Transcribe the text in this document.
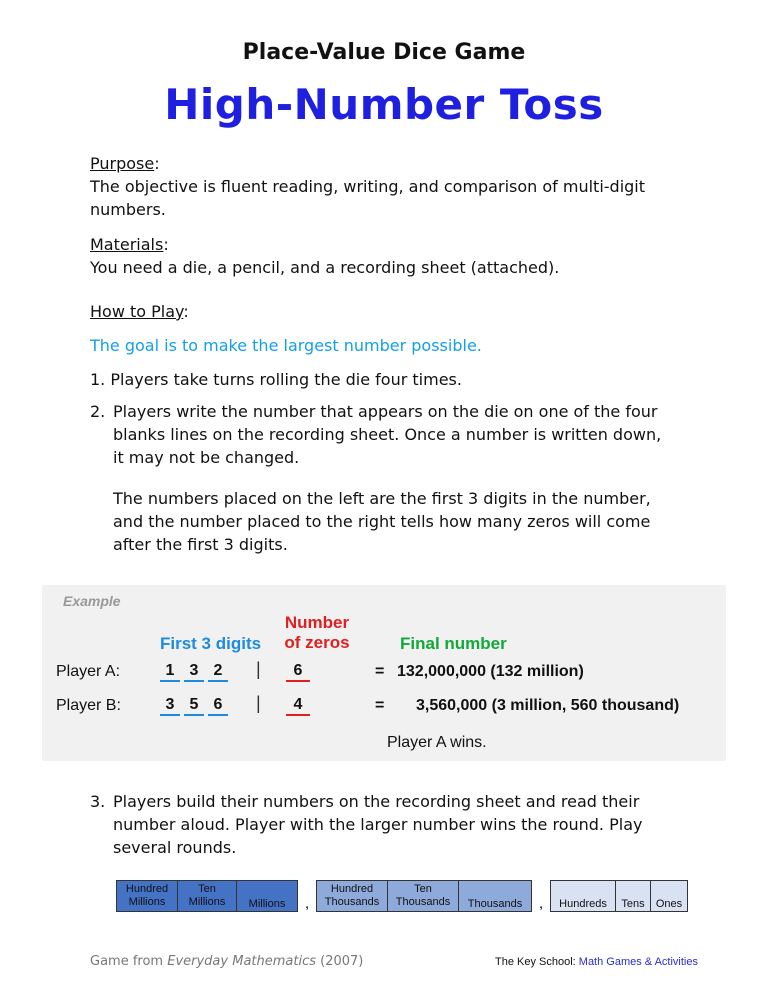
Place-Value Dice Game
High-Number Toss
Purpose:
The objective is fluent reading, writing, and comparison of multi-digit numbers.
Materials:
You need a die, a pencil, and a recording sheet (attached).
How to Play:
The goal is to make the largest number possible.
1. Players take turns rolling the die four times.
2. Players write the number that appears on the die on one of the four blanks lines on the recording sheet. Once a number is written down, it may not be changed.
The numbers placed on the left are the first 3 digits in the number, and the number placed to the right tells how many zeros will come after the first 3 digits.
Example
First 3 digits
Number
of zeros	Final number
Player A:	1 3 2	|	6	= 132,000,000 (132 million)
Player B:	3 5 6	|	4	= 3,560,000 (3 million, 560 thousand)
Player A wins.
3. Players build their numbers on the recording sheet and read their number aloud. Player with the larger number wins the round. Play several rounds.
Hundred Millions	Ten Millions	Millions	,	Hundred Thousands	Ten Thousands	Thousands	,	Hundreds	Tens	Ones
Game from Everyday Mathematics (2007)	The Key School: Math Games & Activities
